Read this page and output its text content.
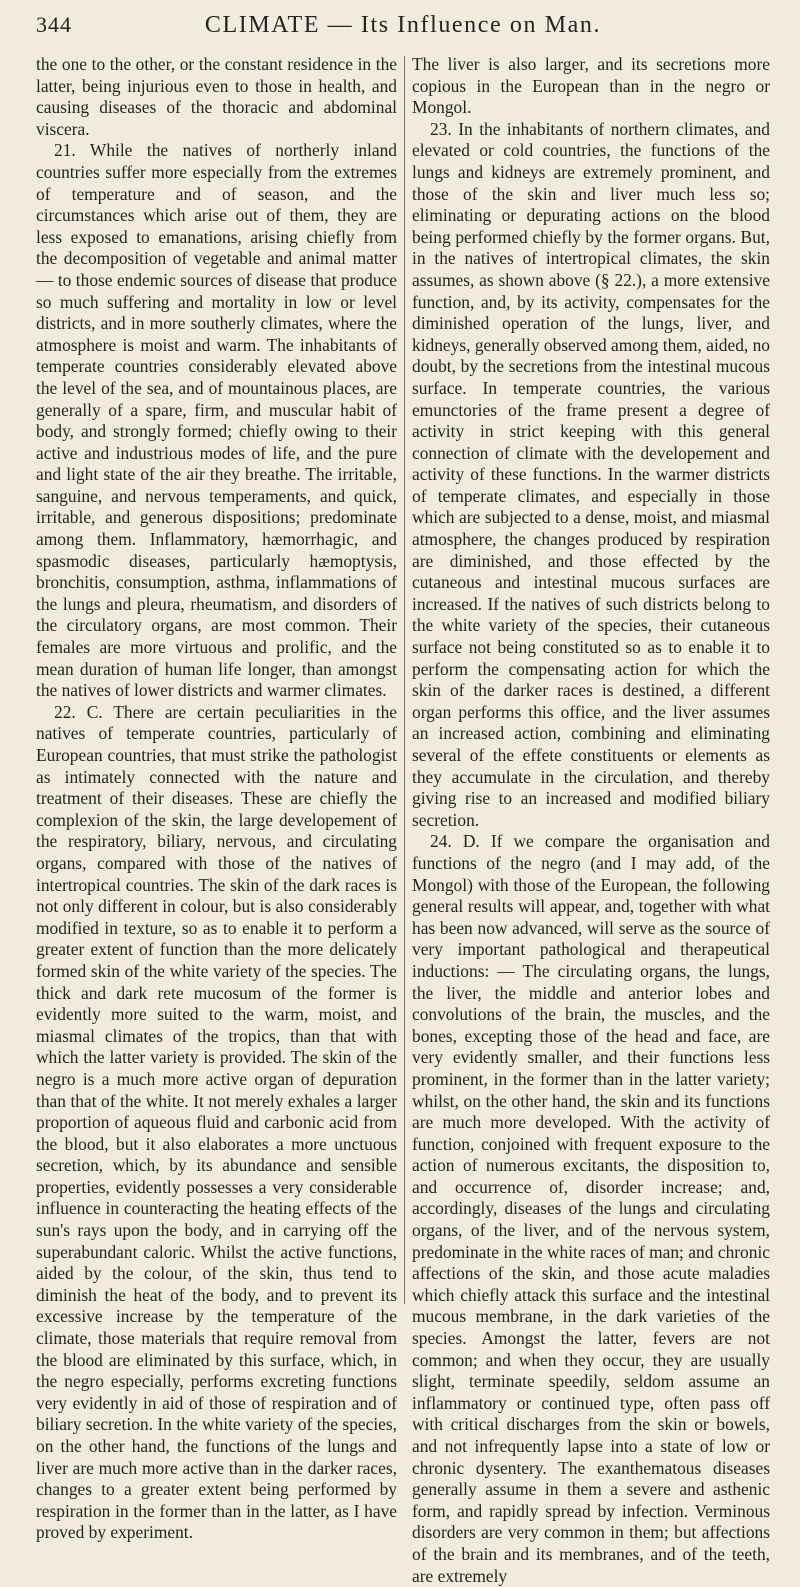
344	CLIMATE — Its Influence on Man.

the one to the other, or the constant residence in the latter, being injurious even to those in health, and causing diseases of the thoracic and abdominal viscera.

21. While the natives of northerly inland countries suffer more especially from the extremes of temperature and of season, and the circumstances which arise out of them, they are less exposed to emanations, arising chiefly from the decomposition of vegetable and animal matter — to those endemic sources of disease that produce so much suffering and mortality in low or level districts, and in more southerly climates, where the atmosphere is moist and warm. The inhabitants of temperate countries considerably elevated above the level of the sea, and of mountainous places, are generally of a spare, firm, and muscular habit of body, and strongly formed; chiefly owing to their active and industrious modes of life, and the pure and light state of the air they breathe. The irritable, sanguine, and nervous temperaments, and quick, irritable, and generous dispositions; predominate among them. Inflammatory, hæmorrhagic, and spasmodic diseases, particularly hæmoptysis, bronchitis, consumption, asthma, inflammations of the lungs and pleura, rheumatism, and disorders of the circulatory organs, are most common. Their females are more virtuous and prolific, and the mean duration of human life longer, than amongst the natives of lower districts and warmer climates.

22. C. There are certain peculiarities in the natives of temperate countries, particularly of European countries, that must strike the pathologist as intimately connected with the nature and treatment of their diseases. These are chiefly the complexion of the skin, the large developement of the respiratory, biliary, nervous, and circulating organs, compared with those of the natives of intertropical countries. The skin of the dark races is not only different in colour, but is also considerably modified in texture, so as to enable it to perform a greater extent of function than the more delicately formed skin of the white variety of the species. The thick and dark rete mucosum of the former is evidently more suited to the warm, moist, and miasmal climates of the tropics, than that with which the latter variety is provided. The skin of the negro is a much more active organ of depuration than that of the white. It not merely exhales a larger proportion of aqueous fluid and carbonic acid from the blood, but it also elaborates a more unctuous secretion, which, by its abundance and sensible properties, evidently possesses a very considerable influence in counteracting the heating effects of the sun's rays upon the body, and in carrying off the superabundant caloric. Whilst the active functions, aided by the colour, of the skin, thus tend to diminish the heat of the body, and to prevent its excessive increase by the temperature of the climate, those materials that require removal from the blood are eliminated by this surface, which, in the negro especially, performs excreting functions very evidently in aid of those of respiration and of biliary secretion. In the white variety of the species, on the other hand, the functions of the lungs and liver are much more active than in the darker races, changes to a greater extent being performed by respiration in the former than in the latter, as I have proved by experiment.

The liver is also larger, and its secretions more copious in the European than in the negro or Mongol.

23. In the inhabitants of northern climates, and elevated or cold countries, the functions of the lungs and kidneys are extremely prominent, and those of the skin and liver much less so; eliminating or depurating actions on the blood being performed chiefly by the former organs. But, in the natives of intertropical climates, the skin assumes, as shown above (§ 22.), a more extensive function, and, by its activity, compensates for the diminished operation of the lungs, liver, and kidneys, generally observed among them, aided, no doubt, by the secretions from the intestinal mucous surface. In temperate countries, the various emunctories of the frame present a degree of activity in strict keeping with this general connection of climate with the developement and activity of these functions. In the warmer districts of temperate climates, and especially in those which are subjected to a dense, moist, and miasmal atmosphere, the changes produced by respiration are diminished, and those effected by the cutaneous and intestinal mucous surfaces are increased. If the natives of such districts belong to the white variety of the species, their cutaneous surface not being constituted so as to enable it to perform the compensating action for which the skin of the darker races is destined, a different organ performs this office, and the liver assumes an increased action, combining and eliminating several of the effete constituents or elements as they accumulate in the circulation, and thereby giving rise to an increased and modified biliary secretion.

24. D. If we compare the organisation and functions of the negro (and I may add, of the Mongol) with those of the European, the following general results will appear, and, together with what has been now advanced, will serve as the source of very important pathological and therapeutical inductions: — The circulating organs, the lungs, the liver, the middle and anterior lobes and convolutions of the brain, the muscles, and the bones, excepting those of the head and face, are very evidently smaller, and their functions less prominent, in the former than in the latter variety; whilst, on the other hand, the skin and its functions are much more developed. With the activity of function, conjoined with frequent exposure to the action of numerous excitants, the disposition to, and occurrence of, disorder increase; and, accordingly, diseases of the lungs and circulating organs, of the liver, and of the nervous system, predominate in the white races of man; and chronic affections of the skin, and those acute maladies which chiefly attack this surface and the intestinal mucous membrane, in the dark varieties of the species. Amongst the latter, fevers are not common; and when they occur, they are usually slight, terminate speedily, seldom assume an inflammatory or continued type, often pass off with critical discharges from the skin or bowels, and not infrequently lapse into a state of low or chronic dysentery. The exanthematous diseases generally assume in them a severe and asthenic form, and rapidly spread by infection. Verminous disorders are very common in them; but affections of the brain and its membranes, and of the teeth, are extremely
